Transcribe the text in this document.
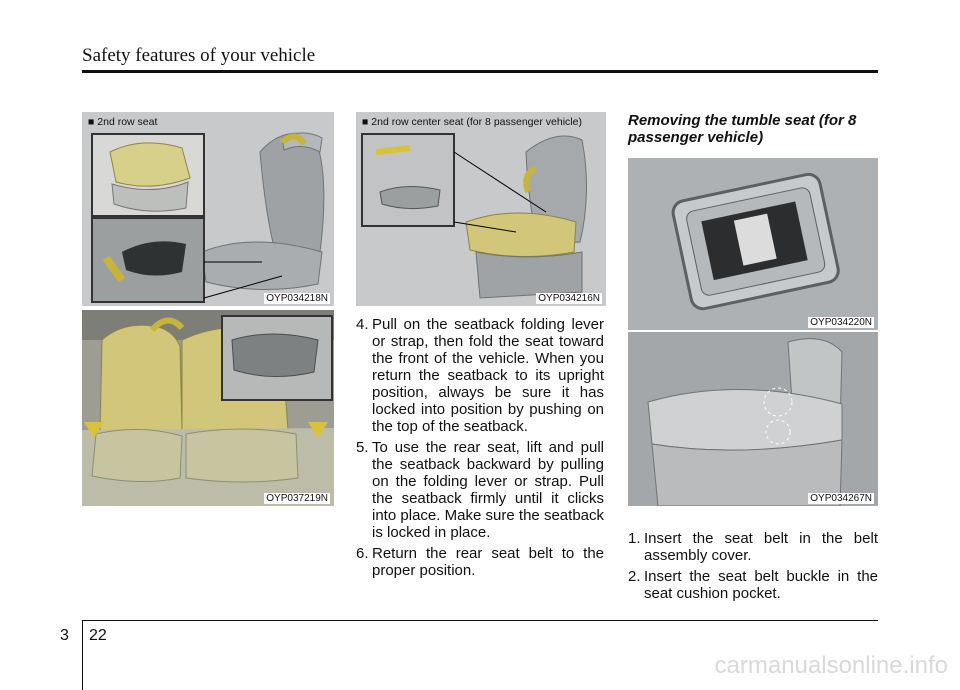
Safety features of your vehicle
■ 2nd row seat
OYP034218N
OYP037219N
■ 2nd row center seat (for 8 passenger vehicle)
OYP034216N
OYP034220N
OYP034267N
4. Pull on the seatback folding lever or strap, then fold the seat toward the front of the vehicle. When you return the seatback to its upright position, always be sure it has locked into position by pushing on the top of the seatback.
5. To use the rear seat, lift and pull the seatback backward by pulling on the folding lever or strap. Pull the seatback firmly until it clicks into place. Make sure the seatback is locked in place.
6. Return the rear seat belt to the proper position.
Removing the tumble seat (for 8 passenger vehicle)
1. Insert the seat belt in the belt assembly cover.
2. Insert the seat belt buckle in the seat cushion pocket.
3 22
carmanualsonline.info
